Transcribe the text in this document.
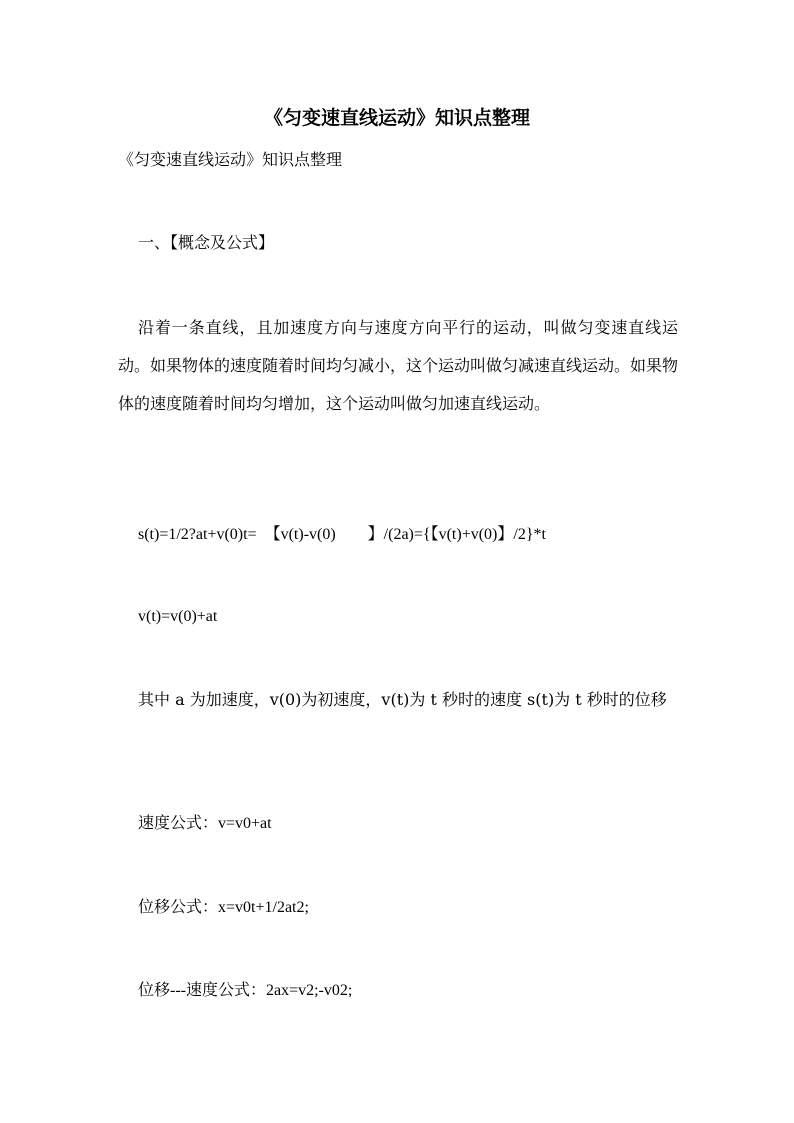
《匀变速直线运动》知识点整理
《匀变速直线运动》知识点整理
一、【概念及公式】
沿着一条直线，且加速度方向与速度方向平行的运动，叫做匀变速直线运动。如果物体的速度随着时间均匀减小，这个运动叫做匀减速直线运动。如果物体的速度随着时间均匀增加，这个运动叫做匀加速直线运动。
s(t)=1/2?at+v(0)t=　【v(t)-v(0)　　】/(2a)={【v(t)+v(0)】/2}*t
v(t)=v(0)+at
其中 a 为加速度，v(0)为初速度，v(t)为 t 秒时的速度 s(t)为 t 秒时的位移
速度公式：v=v0+at
位移公式：x=v0t+1/2at2;
位移---速度公式：2ax=v2;-v02;
